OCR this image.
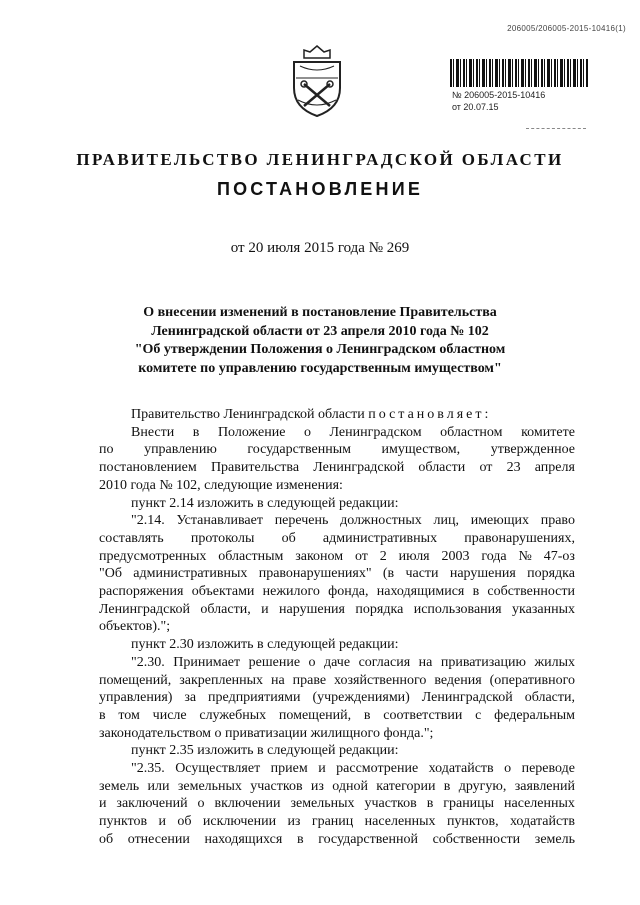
206005/206005-2015-10416(1)
№ 206005-2015-10416
от 20.07.15
ПРАВИТЕЛЬСТВО ЛЕНИНГРАДСКОЙ ОБЛАСТИ
ПОСТАНОВЛЕНИЕ
от 20 июля 2015 года № 269
О внесении изменений в постановление Правительства
Ленинградской области от 23 апреля 2010 года № 102
"Об утверждении Положения о Ленинградском областном
комитете по управлению государственным имуществом"
Правительство Ленинградской области постановляет:
Внести в Положение о Ленинградском областном комитете
по управлению государственным имуществом, утвержденное
постановлением Правительства Ленинградской области от 23 апреля
2010 года № 102, следующие изменения:
пункт 2.14 изложить в следующей редакции:
"2.14. Устанавливает перечень должностных лиц, имеющих право
составлять протоколы об административных правонарушениях,
предусмотренных областным законом от 2 июля 2003 года № 47-оз
"Об административных правонарушениях" (в части нарушения порядка
распоряжения объектами нежилого фонда, находящимися в собственности
Ленинградской области, и нарушения порядка использования указанных
объектов).";
пункт 2.30 изложить в следующей редакции:
"2.30. Принимает решение о даче согласия на приватизацию жилых
помещений, закрепленных на праве хозяйственного ведения (оперативного
управления) за предприятиями (учреждениями) Ленинградской области,
в том числе служебных помещений, в соответствии с федеральным
законодательством о приватизации жилищного фонда.";
пункт 2.35 изложить в следующей редакции:
"2.35. Осуществляет прием и рассмотрение ходатайств о переводе
земель или земельных участков из одной категории в другую, заявлений
и заключений о включении земельных участков в границы населенных
пунктов и об исключении из границ населенных пунктов, ходатайств
об отнесении находящихся в государственной собственности земель
